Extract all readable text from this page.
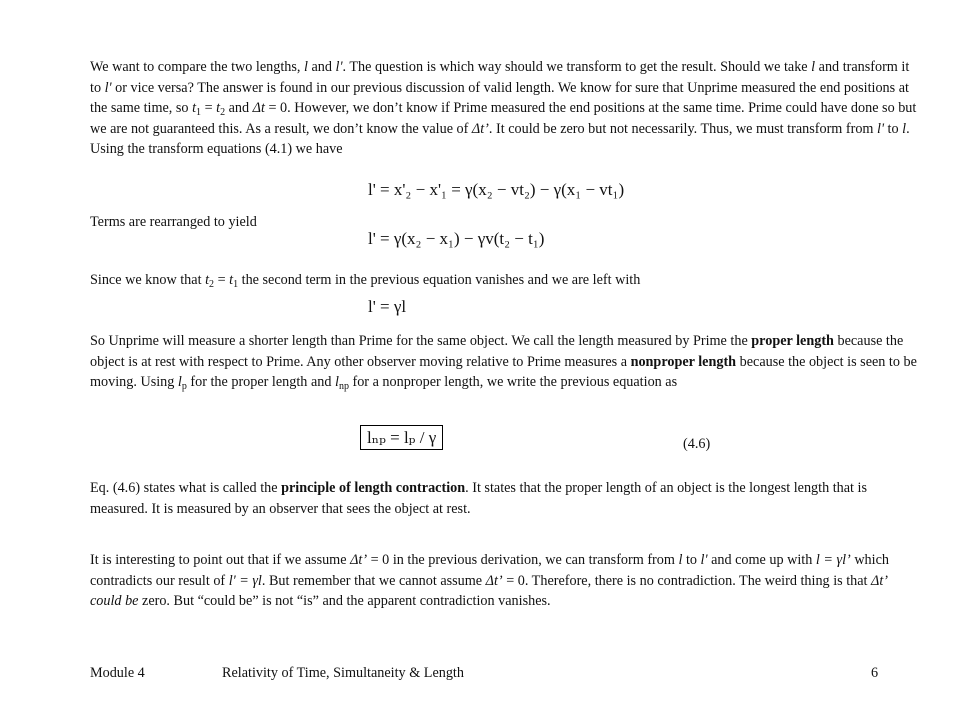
We want to compare the two lengths, l and l'. The question is which way should we transform to get the result. Should we take l and transform it to l' or vice versa? The answer is found in our previous discussion of valid length. We know for sure that Unprime measured the end positions at the same time, so $t_1 = t_2$ and Δt = 0. However, we don’t know if Prime measured the end positions at the same time. Prime could have done so but we are not guaranteed this. As a result, we don’t know the value of Δt’. It could be zero but not necessarily. Thus, we must transform from l' to l. Using the transform equations (4.1) we have

l' = x'₂ − x'₁ = γ(x₂ − vt₂) − γ(x₁ − vt₁)

Terms are rearranged to yield

l' = γ(x₂ − x₁) − γv(t₂ − t₁)

Since we know that $t_2 = t_1$ the second term in the previous equation vanishes and we are left with

l' = γl

So Unprime will measure a shorter length than Prime for the same object. We call the length measured by Prime the proper length because the object is at rest with respect to Prime. Any other observer moving relative to Prime measures a nonproper length because the object is seen to be moving. Using $l_p$ for the proper length and $l_{np}$ for a nonproper length, we write the previous equation as

lₙₚ = lₚ / γ	(4.6)

Eq. (4.6) states what is called the principle of length contraction. It states that the proper length of an object is the longest length that is measured. It is measured by an observer that sees the object at rest.

It is interesting to point out that if we assume Δt’ = 0 in the previous derivation, we can transform from l to l' and come up with l = γl’ which contradicts our result of l' = γl. But remember that we cannot assume Δt’ = 0. Therefore, there is no contradiction. The weird thing is that Δt’ could be zero. But “could be” is not “is” and the apparent contradiction vanishes.

Module 4	Relativity of Time, Simultaneity & Length	6
